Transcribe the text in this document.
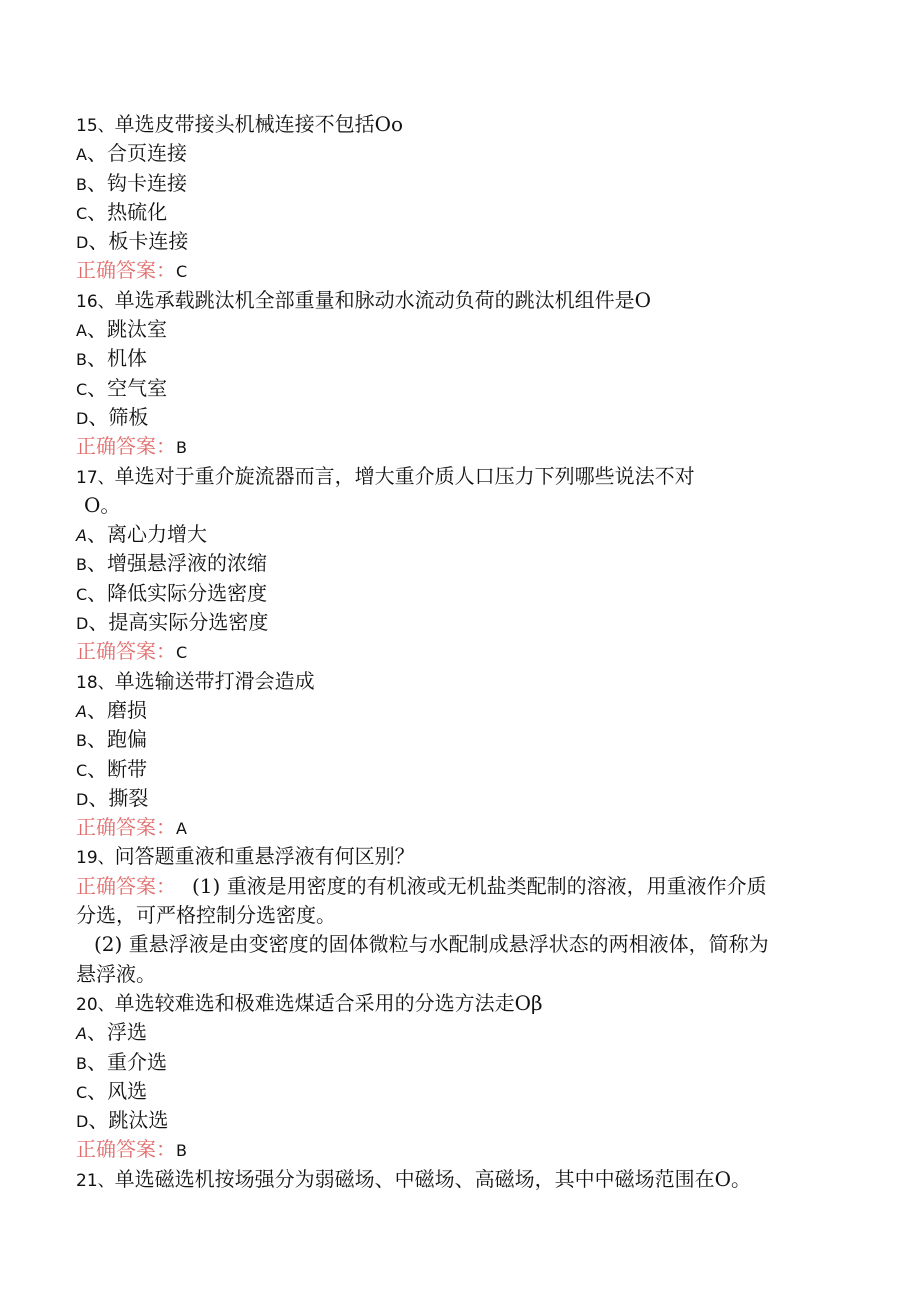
15、单选皮带接头机械连接不包括Oo
A、合页连接
B、钩卡连接
C、热硫化
D、板卡连接
正确答案：C
16、单选承载跳汰机全部重量和脉动水流动负荷的跳汰机组件是O
A、跳汰室
B、机体
C、空气室
D、筛板
正确答案：B
17、单选对于重介旋流器而言，增大重介质人口压力下列哪些说法不对
O。
A、离心力增大
B、增强悬浮液的浓缩
C、降低实际分选密度
D、提高实际分选密度
正确答案：C
18、单选输送带打滑会造成
A、磨损
B、跑偏
C、断带
D、撕裂
正确答案：A
19、问答题重液和重悬浮液有何区别？
正确答案： (1) 重液是用密度的有机液或无机盐类配制的溶液，用重液作介质
分选，可严格控制分选密度。
(2) 重悬浮液是由变密度的固体微粒与水配制成悬浮状态的两相液体，简称为
悬浮液。
20、单选较难选和极难选煤适合采用的分选方法走Oβ
A、浮选
B、重介选
C、风选
D、跳汰选
正确答案：B
21、单选磁选机按场强分为弱磁场、中磁场、高磁场，其中中磁场范围在O。
